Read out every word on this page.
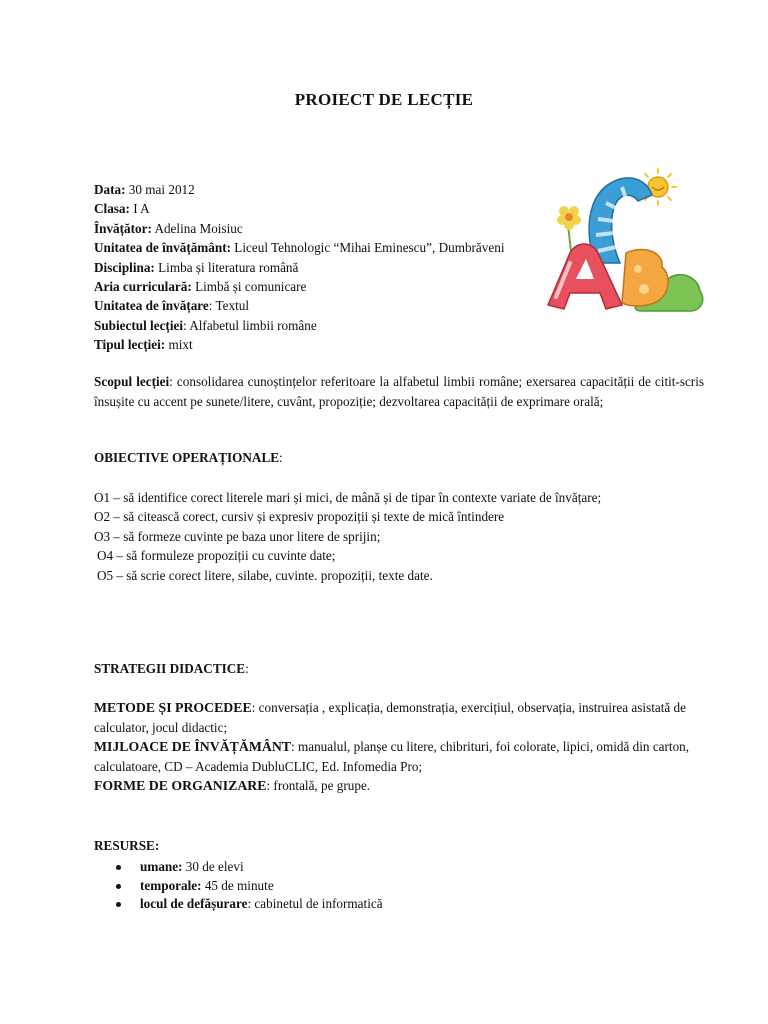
PROIECT DE LECȚIE
Data: 30 mai 2012
Clasa: I A
Învățător: Adelina Moisiuc
Unitatea de învățământ: Liceul Tehnologic “Mihai Eminescu”, Dumbrăveni
Disciplina: Limba și literatura română
Aria curriculară: Limbă și comunicare
Unitatea de învățare: Textul
Subiectul lecției: Alfabetul limbii române
Tipul lecției: mixt
Scopul lecției: consolidarea cunoștințelor referitoare la alfabetul limbii române; exersarea capacității de citit-scris însușite cu accent pe sunete/litere, cuvânt, propoziție; dezvoltarea capacității de exprimare orală;
OBIECTIVE OPERAȚIONALE:
O1 – să identifice corect literele mari și mici, de mână și de tipar în contexte variate de învățare;
O2 – să citească corect, cursiv și expresiv propoziții și texte de mică întindere
O3 – să formeze cuvinte pe baza unor litere de sprijin;
O4 – să formuleze propoziții cu cuvinte date;
O5 – să scrie corect litere, silabe, cuvinte. propoziții, texte date.
STRATEGII DIDACTICE:
METODE ȘI PROCEDEE: conversația , explicația, demonstrația, exercițiul, observația, instruirea asistată de calculator, jocul didactic;
MIJLOACE DE ÎNVĂȚĂMÂNT: manualul, planșe cu litere, chibrituri, foi colorate, lipici, omidă din carton, calculatoare, CD – Academia DubluCLIC, Ed. Infomedia Pro;
FORME DE ORGANIZARE: frontală, pe grupe.
RESURSE:
umane: 30 de elevi
temporale: 45 de minute
locul de defășurare: cabinetul de informatică
